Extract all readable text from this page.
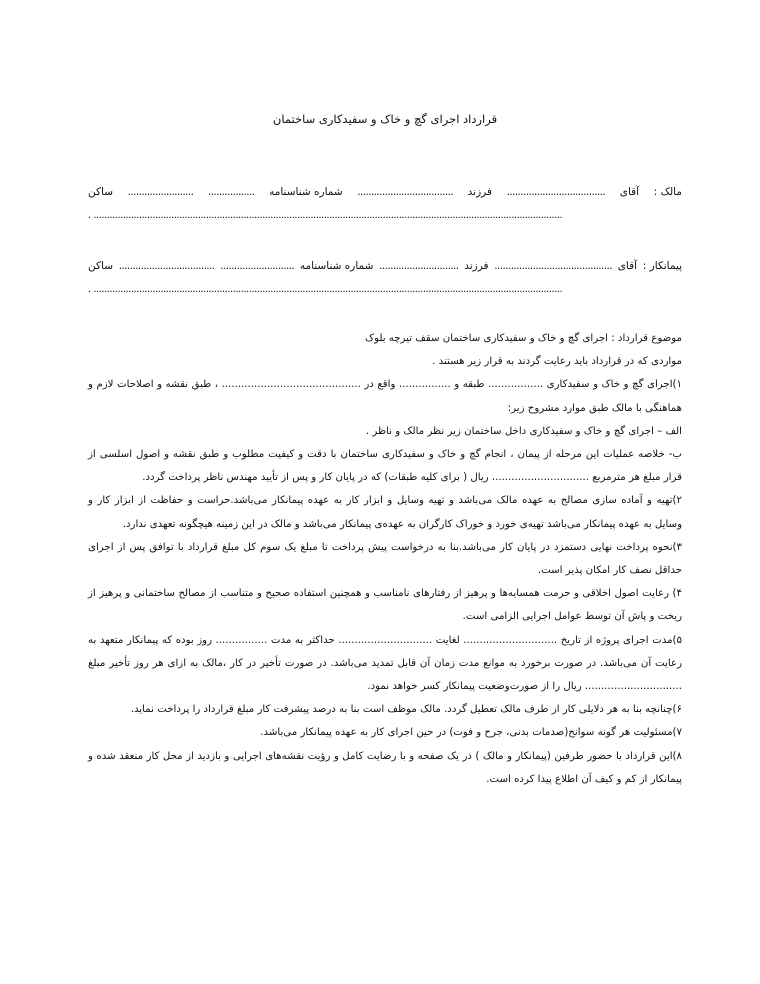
قرارداد اجرای گچ و خاک و سفیدکاری ساختمان
مالک :
آقای
....................................
فرزند
...................................
شماره شناسنامه
.................
........................
ساکن
. ...............................................................................................................................................................................
پیمانکار :
آقای
...........................................
فرزند
.............................
شماره شناسنامه
...........................
...................................
ساکن
. ...............................................................................................................................................................................

موضوع قرارداد : اجرای گچ و خاک و سفیدکاری ساختمان سقف تیرچه بلوک

مواردی که در قرارداد باید رعایت گردند به قرار زیر هستند .

۱)اجرای گچ و خاک و سفیدکاری ................. طبقه و ................ واقع در ........................................... ، طبق نقشه و اصلاحات لازم و هماهنگی با مالک طبق موارد مشروح زیر:

الف – اجرای گچ و خاک و سفیدکاری داخل ساختمان زیر نظر مالک و ناظر .

ب- خلاصه عملیات این مرحله از پیمان ، انجام گچ و خاک و سفیدکاری ساختمان با دقت و کیفیت مطلوب و طبق نقشه و اصول اسلسی از قرار مبلغ هر مترمربع .............................. ریال ( برای کلیه طبقات) که در پایان کار و پس از تأیید مهندس ناظر پرداخت گردد.

۲)تهیه و آماده سازی مصالح به عهده مالک می‌باشد و تهیه وسایل و ابزار کار به عهده پیمانکار می‌باشد.حراست و حفاظت از ابزار کار و وسایل به عهده پیمانکار می‌باشد تهیه‌ی خورد و خوراک کارگران به عهده‌ی پیمانکار می‌باشد و مالک در این زمینه هیچگونه تعهدی ندارد.

۳)نحوه پرداخت نهایی دستمزد در پایان کار می‌باشد.بنا به درخواست پیش پرداخت تا مبلغ یک سوم کل مبلغ قرارداد با توافق پس از اجرای حداقل نصف کار امکان پذیر است.

۴) رعایت اصول اخلاقی و حرمت همسایه‌ها و پرهیز از رفتارهای نامناسب و همچنین استفاده صحیح و متناسب از مصالح ساختمانی و پرهیز از ریخت و پاش آن توسط عوامل اجرایی الزامی است.

۵)مدت اجرای پروژه از تاریخ ............................. لغایت ............................. حداکثر به مدت ................ روز بوده که پیمانکار متعهد به رعایت آن می‌باشد. در صورت برخورد به موانع مدت زمان آن قابل تمدید می‌باشد. در صورت تأخیر در کار ،مالک به ازای هر روز تأخیر مبلغ .............................. ریال را از صورت‌وضعیت پیمانکار کسر خواهد نمود.

۶)چنانچه بنا به هر دلایلی کار از طرف مالک تعطیل گردد. مالک موظف است بنا به درصد پیشرفت کار مبلغ قرارداد را پرداخت نماید.

۷)مسئولیت هر گونه سوانح(صدمات بدنی، جرح و فوت) در حین اجرای کار به عهده پیمانکار می‌باشد.

۸)این قرارداد با حضور طرفین (پیمانکار و مالک ) در یک صفحه و با رضایت کامل و رؤیت نقشه‌های اجرایی و بازدید از محل کار منعقد شده و پیمانکار از کم و کیف آن اطلاع پیدا کرده است.
